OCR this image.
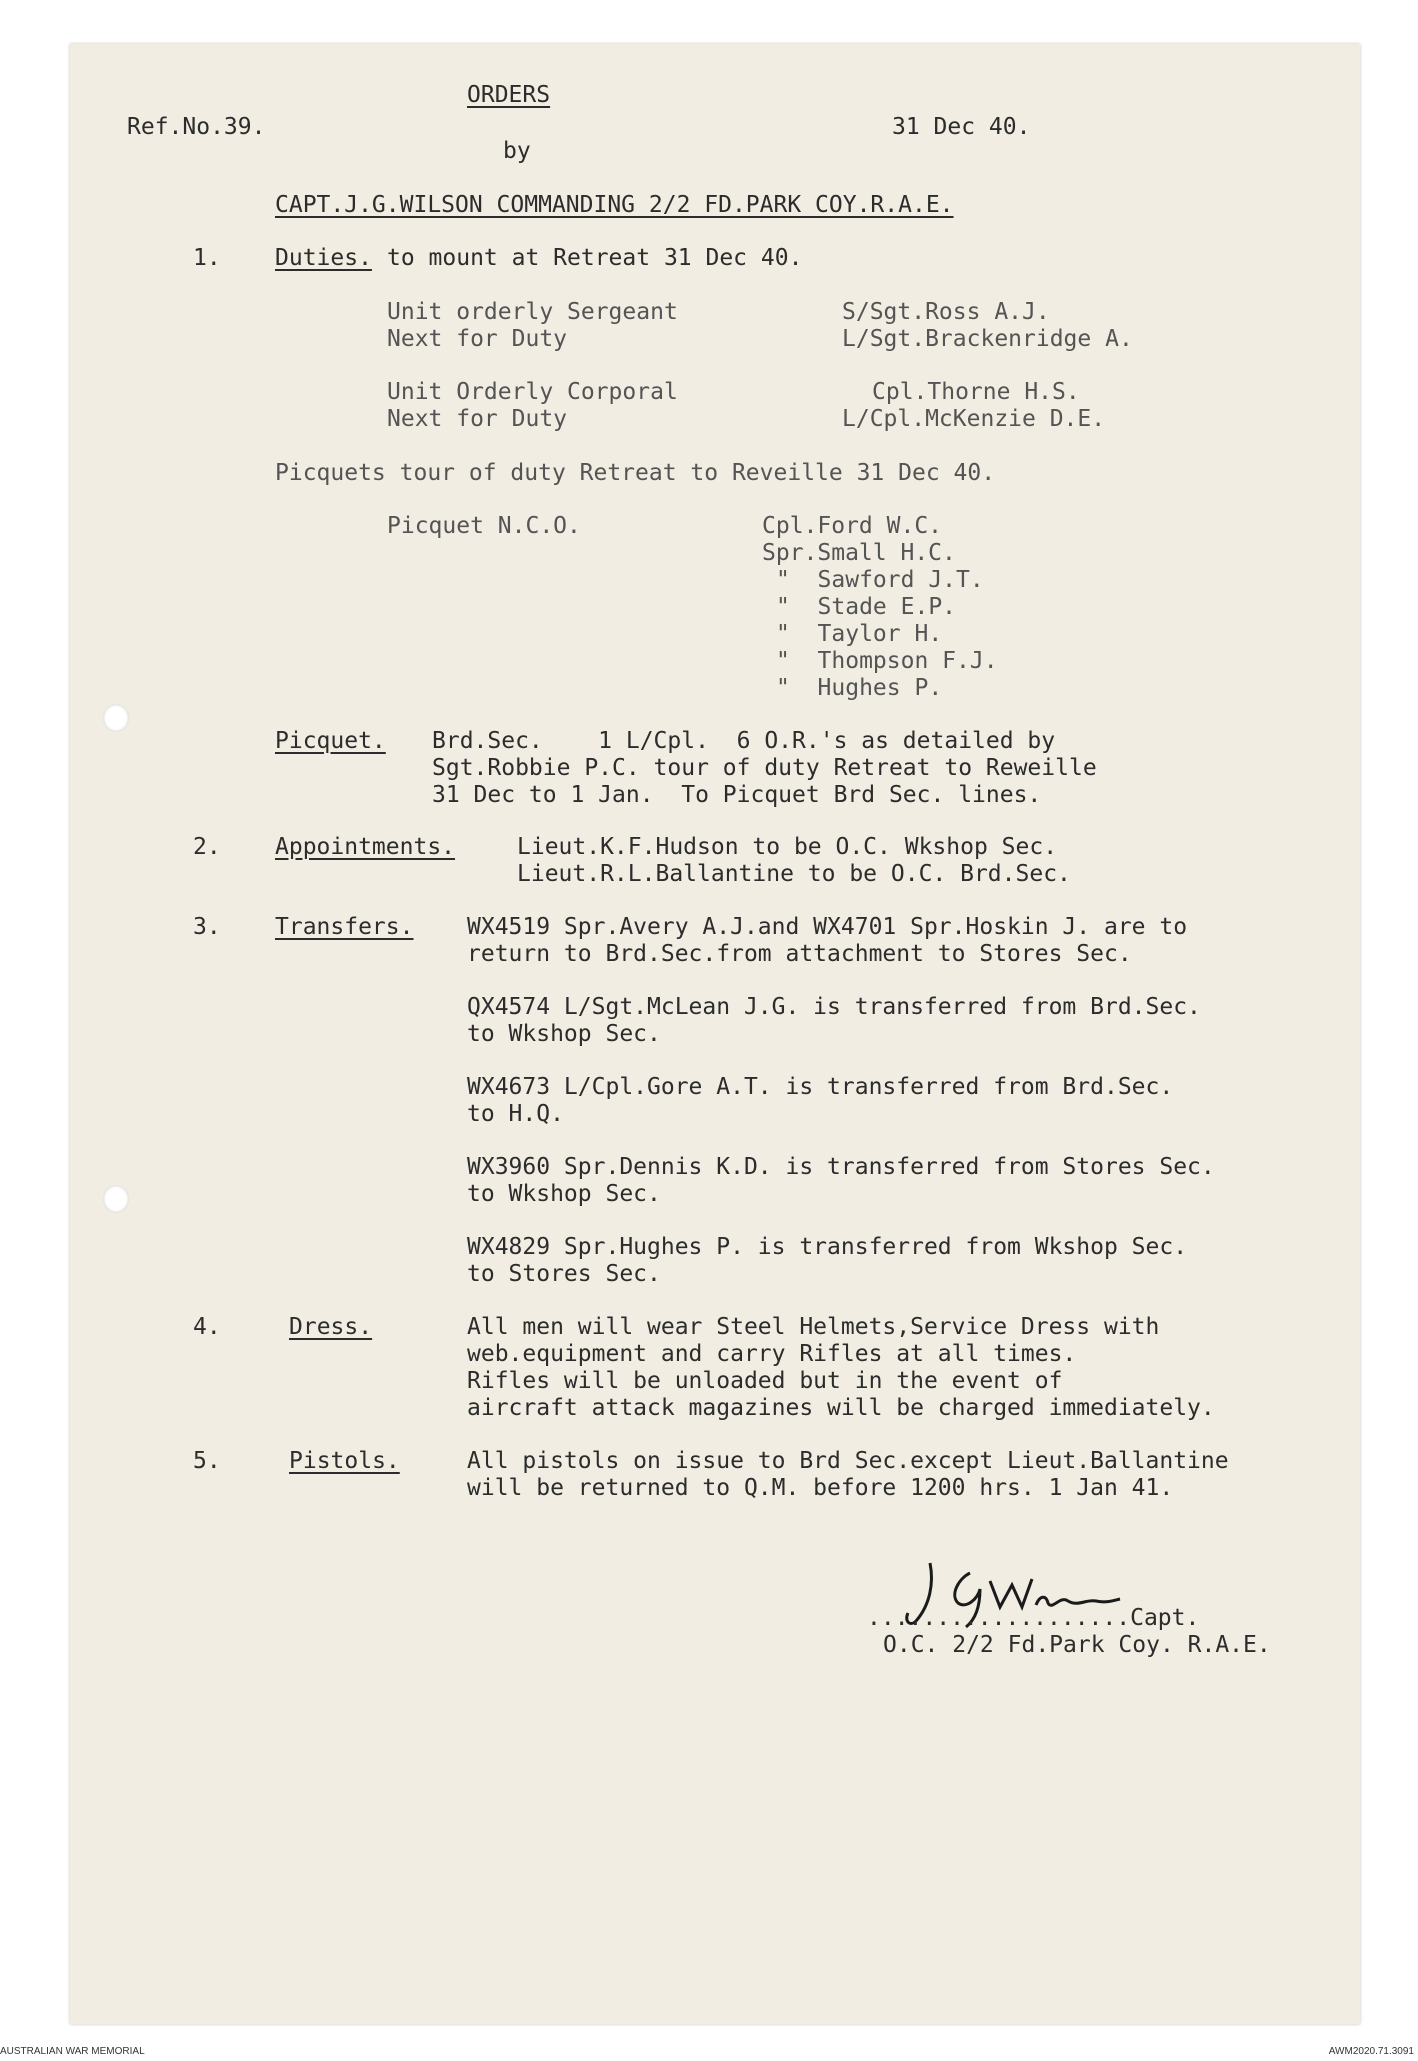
ORDERS
Ref.No.39.	31 Dec 40.
by
CAPT.J.G.WILSON COMMANDING 2/2 FD.PARK COY.R.A.E.
1. Duties. to mount at Retreat 31 Dec 40.
Unit orderly Sergeant	S/Sgt.Ross A.J.
Next for Duty	L/Sgt.Brackenridge A.
Unit Orderly Corporal	Cpl.Thorne H.S.
Next for Duty	L/Cpl.McKenzie D.E.
Picquets tour of duty Retreat to Reveille 31 Dec 40.
Picquet N.C.O.	Cpl.Ford W.C.
Spr.Small H.C.
"  Sawford J.T.
"  Stade E.P.
"  Taylor H.
"  Thompson F.J.
"  Hughes P.
Picquet. Brd.Sec.    1 L/Cpl.  6 O.R.'s as detailed by
Sgt.Robbie P.C. tour of duty Retreat to Reweille
31 Dec to 1 Jan.  To Picquet Brd Sec. lines.
2. Appointments.	Lieut.K.F.Hudson to be O.C. Wkshop Sec.
Lieut.R.L.Ballantine to be O.C. Brd.Sec.
3. Transfers. WX4519 Spr.Avery A.J.and WX4701 Spr.Hoskin J. are to
return to Brd.Sec.from attachment to Stores Sec.
QX4574 L/Sgt.McLean J.G. is transferred from Brd.Sec.
to Wkshop Sec.
WX4673 L/Cpl.Gore A.T. is transferred from Brd.Sec.
to H.Q.
WX3960 Spr.Dennis K.D. is transferred from Stores Sec.
to Wkshop Sec.
WX4829 Spr.Hughes P. is transferred from Wkshop Sec.
to Stores Sec.
4.	Dress.	All men will wear Steel Helmets,Service Dress with
web.equipment and carry Rifles at all times.
Rifles will be unloaded but in the event of
aircraft attack magazines will be charged immediately.
5.	Pistols.	All pistols on issue to Brd Sec.except Lieut.Ballantine
will be returned to Q.M. before 1200 hrs. 1 Jan 41.
...................Capt.
O.C. 2/2 Fd.Park Coy. R.A.E.
AUSTRALIAN WAR MEMORIAL	AWM2020.71.3091
